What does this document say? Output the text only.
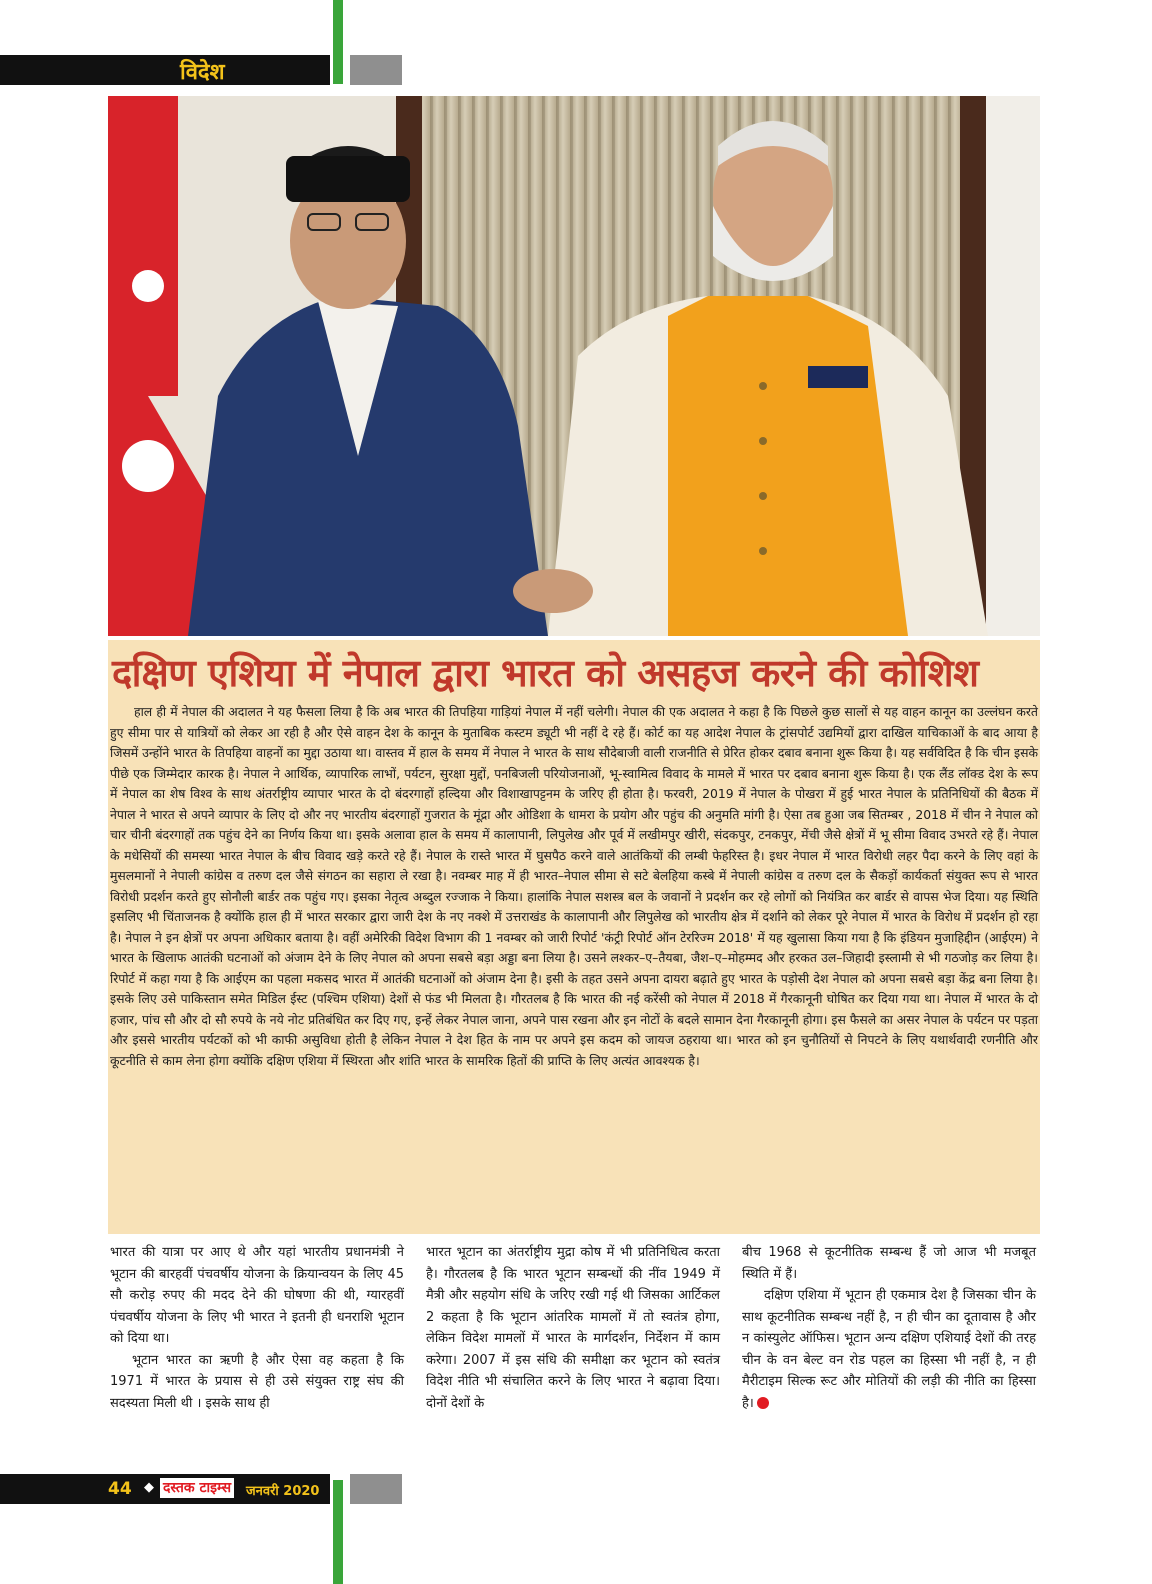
विदेश
दक्षिण एशिया में नेपाल द्वारा भारत को असहज करने की कोशिश
हाल ही में नेपाल की अदालत ने यह फैसला लिया है कि अब भारत की तिपहिया गाड़ियां नेपाल में नहीं चलेगी। नेपाल की एक अदालत ने कहा है कि पिछले कुछ सालों से यह वाहन कानून का उल्लंघन करते हुए सीमा पार से यात्रियों को लेकर आ रही है और ऐसे वाहन देश के कानून के मुताबिक कस्टम ड्यूटी भी नहीं दे रहे हैं। कोर्ट का यह आदेश नेपाल के ट्रांसपोर्ट उद्यमियों द्वारा दाखिल याचिकाओं के बाद आया है जिसमें उन्होंने भारत के तिपहिया वाहनों का मुद्दा उठाया था। वास्तव में हाल के समय में नेपाल ने भारत के साथ सौदेबाजी वाली राजनीति से प्रेरित होकर दबाव बनाना शुरू किया है। यह सर्वविदित है कि चीन इसके पीछे एक जिम्मेदार कारक है। नेपाल ने आर्थिक, व्यापारिक लाभों, पर्यटन, सुरक्षा मुद्दों, पनबिजली परियोजनाओं, भू-स्वामित्व विवाद के मामले में भारत पर दबाव बनाना शुरू किया है। एक लैंड लॉक्ड देश के रूप में नेपाल का शेष विश्व के साथ अंतर्राष्ट्रीय व्यापार भारत के दो बंदरगाहों हल्दिया और विशाखापट्टनम के जरिए ही होता है। फरवरी, 2019 में नेपाल के पोखरा में हुई भारत नेपाल के प्रतिनिधियों की बैठक में नेपाल ने भारत से अपने व्यापार के लिए दो और नए भारतीय बंदरगाहों गुजरात के मूंद्रा और ओडिशा के धामरा के प्रयोग और पहुंच की अनुमति मांगी है। ऐसा तब हुआ जब सितम्बर , 2018 में चीन ने नेपाल को चार चीनी बंदरगाहों तक पहुंच देने का निर्णय किया था। इसके अलावा हाल के समय में कालापानी, लिपुलेख और पूर्व में लखीमपुर खीरी, संदकपुर, टनकपुर, मेंची जैसे क्षेत्रों में भू सीमा विवाद उभरते रहे हैं। नेपाल के मधेसियों की समस्या भारत नेपाल के बीच विवाद खड़े करते रहे हैं। नेपाल के रास्ते भारत में घुसपैठ करने वाले आतंकियों की लम्बी फेहरिस्त है। इधर नेपाल में भारत विरोधी लहर पैदा करने के लिए वहां के मुसलमानों ने नेपाली कांग्रेस व तरुण दल जैसे संगठन का सहारा ले रखा है। नवम्बर माह में ही भारत–नेपाल सीमा से सटे बेलहिया कस्बे में नेपाली कांग्रेस व तरुण दल के सैकड़ों कार्यकर्ता संयुक्त रूप से भारत विरोधी प्रदर्शन करते हुए सोनौली बार्डर तक पहुंच गए। इसका नेतृत्व अब्दुल रज्जाक ने किया। हालांकि नेपाल सशस्त्र बल के जवानों ने प्रदर्शन कर रहे लोगों को नियंत्रित कर बार्डर से वापस भेज दिया। यह स्थिति इसलिए भी चिंताजनक है क्योंकि हाल ही में भारत सरकार द्वारा जारी देश के नए नक्शे में उत्तराखंड के कालापानी और लिपुलेख को भारतीय क्षेत्र में दर्शाने को लेकर पूरे नेपाल में भारत के विरोध में प्रदर्शन हो रहा है। नेपाल ने इन क्षेत्रों पर अपना अधिकार बताया है। वहीं अमेरिकी विदेश विभाग की 1 नवम्बर को जारी रिपोर्ट 'कंट्री रिपोर्ट ऑन टेररिज्म 2018' में यह खुलासा किया गया है कि इंडियन मुजाहिद्दीन (आईएम) ने भारत के खिलाफ आतंकी घटनाओं को अंजाम देने के लिए नेपाल को अपना सबसे बड़ा अड्डा बना लिया है। उसने लश्कर–ए–तैयबा, जैश–ए–मोहम्मद और हरकत उल–जिहादी इस्लामी से भी गठजोड़ कर लिया है। रिपोर्ट में कहा गया है कि आईएम का पहला मकसद भारत में आतंकी घटनाओं को अंजाम देना है। इसी के तहत उसने अपना दायरा बढ़ाते हुए भारत के पड़ोसी देश नेपाल को अपना सबसे बड़ा केंद्र बना लिया है। इसके लिए उसे पाकिस्तान समेत मिडिल ईस्ट (पश्चिम एशिया) देशों से फंड भी मिलता है। गौरतलब है कि भारत की नई करेंसी को नेपाल में 2018 में गैरकानूनी घोषित कर दिया गया था। नेपाल में भारत के दो हजार, पांच सौ और दो सौ रुपये के नये नोट प्रतिबंधित कर दिए गए, इन्हें लेकर नेपाल जाना, अपने पास रखना और इन नोटों के बदले सामान देना गैरकानूनी होगा। इस फैसले का असर नेपाल के पर्यटन पर पड़ता और इससे भारतीय पर्यटकों को भी काफी असुविधा होती है लेकिन नेपाल ने देश हित के नाम पर अपने इस कदम को जायज ठहराया था। भारत को इन चुनौतियों से निपटने के लिए यथार्थवादी रणनीति और कूटनीति से काम लेना होगा क्योंकि दक्षिण एशिया में स्थिरता और शांति भारत के सामरिक हितों की प्राप्ति के लिए अत्यंत आवश्यक है।

भारत की यात्रा पर आए थे और यहां भारतीय प्रधानमंत्री ने भूटान की बारहवीं पंचवर्षीय योजना के क्रियान्वयन के लिए 45 सौ करोड़ रुपए की मदद देने की घोषणा की थी, ग्यारहवीं पंचवर्षीय योजना के लिए भी भारत ने इतनी ही धनराशि भूटान को दिया था।

भूटान भारत का ऋणी है और ऐसा वह कहता है कि 1971 में भारत के प्रयास से ही उसे संयुक्त राष्ट्र संघ की सदस्यता मिली थी । इसके साथ ही

भारत भूटान का अंतर्राष्ट्रीय मुद्रा कोष में भी प्रतिनिधित्व करता है। गौरतलब है कि भारत भूटान सम्बन्धों की नींव 1949 में मैत्री और सहयोग संधि के जरिए रखी गई थी जिसका आर्टिकल 2 कहता है कि भूटान आंतरिक मामलों में तो स्वतंत्र होगा, लेकिन विदेश मामलों में भारत के मार्गदर्शन, निर्देशन में काम करेगा। 2007 में इस संधि की समीक्षा कर भूटान को स्वतंत्र विदेश नीति भी संचालित करने के लिए भारत ने बढ़ावा दिया। दोनों देशों के

बीच 1968 से कूटनीतिक सम्बन्ध हैं जो आज भी मजबूत स्थिति में हैं।

दक्षिण एशिया में भूटान ही एकमात्र देश है जिसका चीन के साथ कूटनीतिक सम्बन्ध नहीं है, न ही चीन का दूतावास है और न कांस्युलेट ऑफिस। भूटान अन्य दक्षिण एशियाई देशों की तरह चीन के वन बेल्ट वन रोड पहल का हिस्सा भी नहीं है, न ही मैरीटाइम सिल्क रूट और मोतियों की लड़ी की नीति का हिस्सा है।

44 ◆ दस्तक टाइम्स जनवरी 2020
